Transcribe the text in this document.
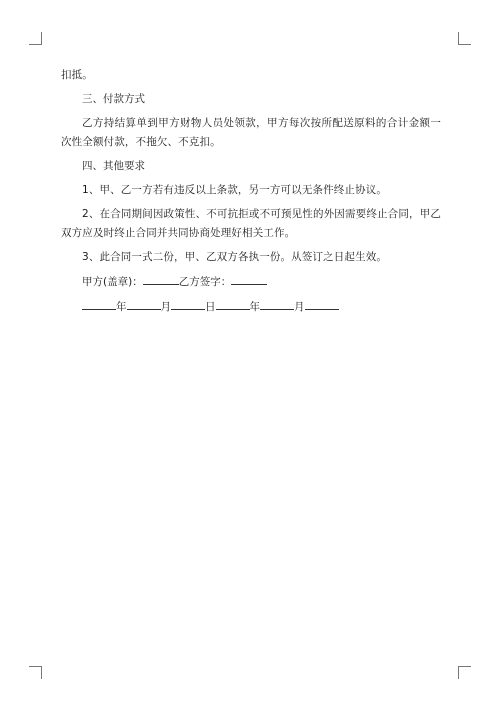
扣抵。

三、付款方式

乙方持结算单到甲方财物人员处领款，甲方每次按所配送原料的合计金额一次性全额付款，不拖欠、不克扣。

四、其他要求

1、甲、乙一方若有违反以上条款，另一方可以无条件终止协议。

2、在合同期间因政策性、不可抗拒或不可预见性的外因需要终止合同，甲乙双方应及时终止合同并共同协商处理好相关工作。

3、此合同一式二份，甲、乙双方各执一份。从签订之日起生效。

甲方(盖章)：	乙方签字：

年	月	日	年	月
